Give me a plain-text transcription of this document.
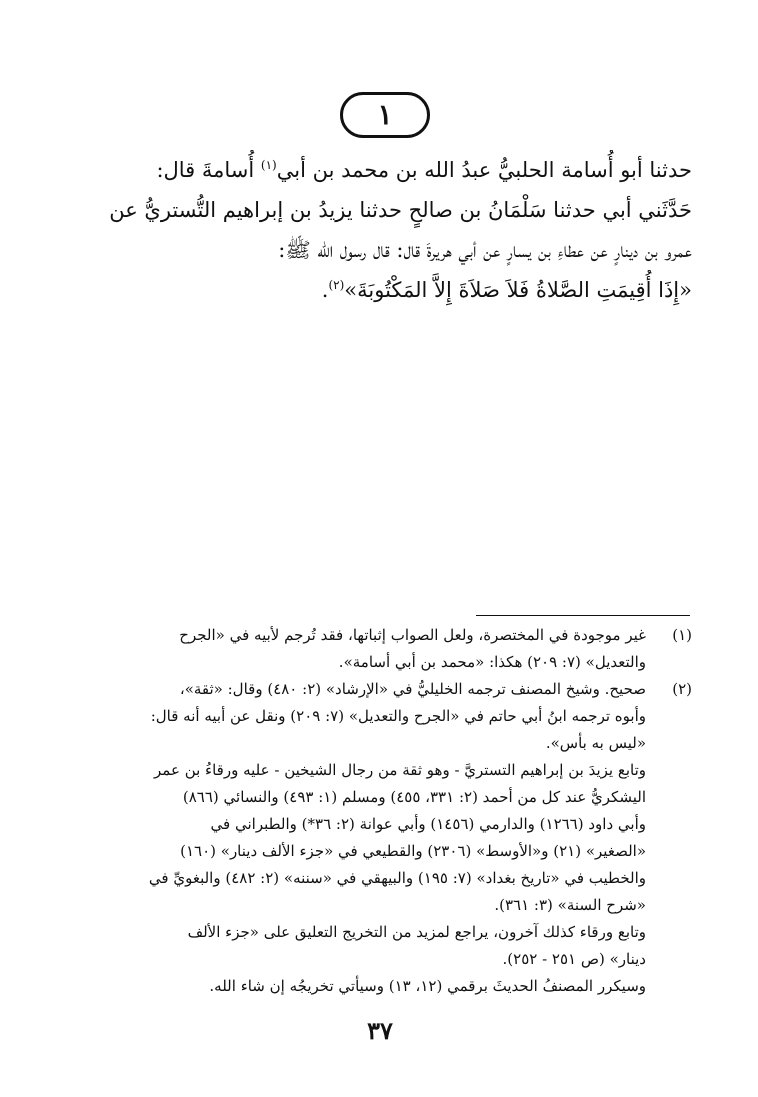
١
حدثنا أبو أُسامة الحلبيُّ عبدُ الله بن محمد بن أبي$^{(١)}$ أُسامةَ قال:
حَدَّثَني أبي حدثنا سَلْمَانُ بن صالحٍ حدثنا يزيدُ بن إبراهيم التُّستريُّ عن
عمرو بن دينارٍ عن عطاءِ بن يسارٍ عن أبي هريرةَ قال: قال رسول الله ﷺ:
«إِذَا أُقِيمَتِ الصَّلاةُ فَلاَ صَلاَةَ إِلاَّ المَكْتُوبَةَ»$^{(٢)}$.
(١)
غير موجودة في المختصرة، ولعل الصواب إثباتها، فقد تُرجم لأبيه في «الجرح
والتعديل» (٧: ٢٠٩) هكذا: «محمد بن أبي أسامة».
(٢)
صحيح. وشيخ المصنف ترجمه الخليليُّ في «الإرشاد» (٢: ٤٨٠) وقال: «ثقة»،
وأبوه ترجمه ابنُ أبي حاتم في «الجرح والتعديل» (٧: ٢٠٩) ونقل عن أبيه أنه قال:
«ليس به بأس».
وتابع يزيدَ بن إبراهيم التستريَّ - وهو ثقة من رجال الشيخين - عليه ورقاءُ بن عمر
اليشكريُّ عند كل من أحمد (٢: ٣٣١، ٤٥٥) ومسلم (١: ٤٩٣) والنسائي (٨٦٦)
وأبي داود (١٢٦٦) والدارمي (١٤٥٦) وأبي عوانة (٢: ٣٦*) والطبراني في
«الصغير» (٢١) و«الأوسط» (٢٣٠٦) والقطيعي في «جزء الألف دينار» (١٦٠)
والخطيب في «تاريخ بغداد» (٧: ١٩٥) والبيهقي في «سننه» (٢: ٤٨٢) والبغويِّ في
«شرح السنة» (٣: ٣٦١).
وتابع ورقاء كذلك آخرون، يراجع لمزيد من التخريج التعليق على «جزء الألف
دينار» (ص ٢٥١ - ٢٥٢).
وسيكرر المصنفُ الحديثَ برقمي (١٢، ١٣) وسيأتي تخريجُه إن شاء الله.
٣٧
